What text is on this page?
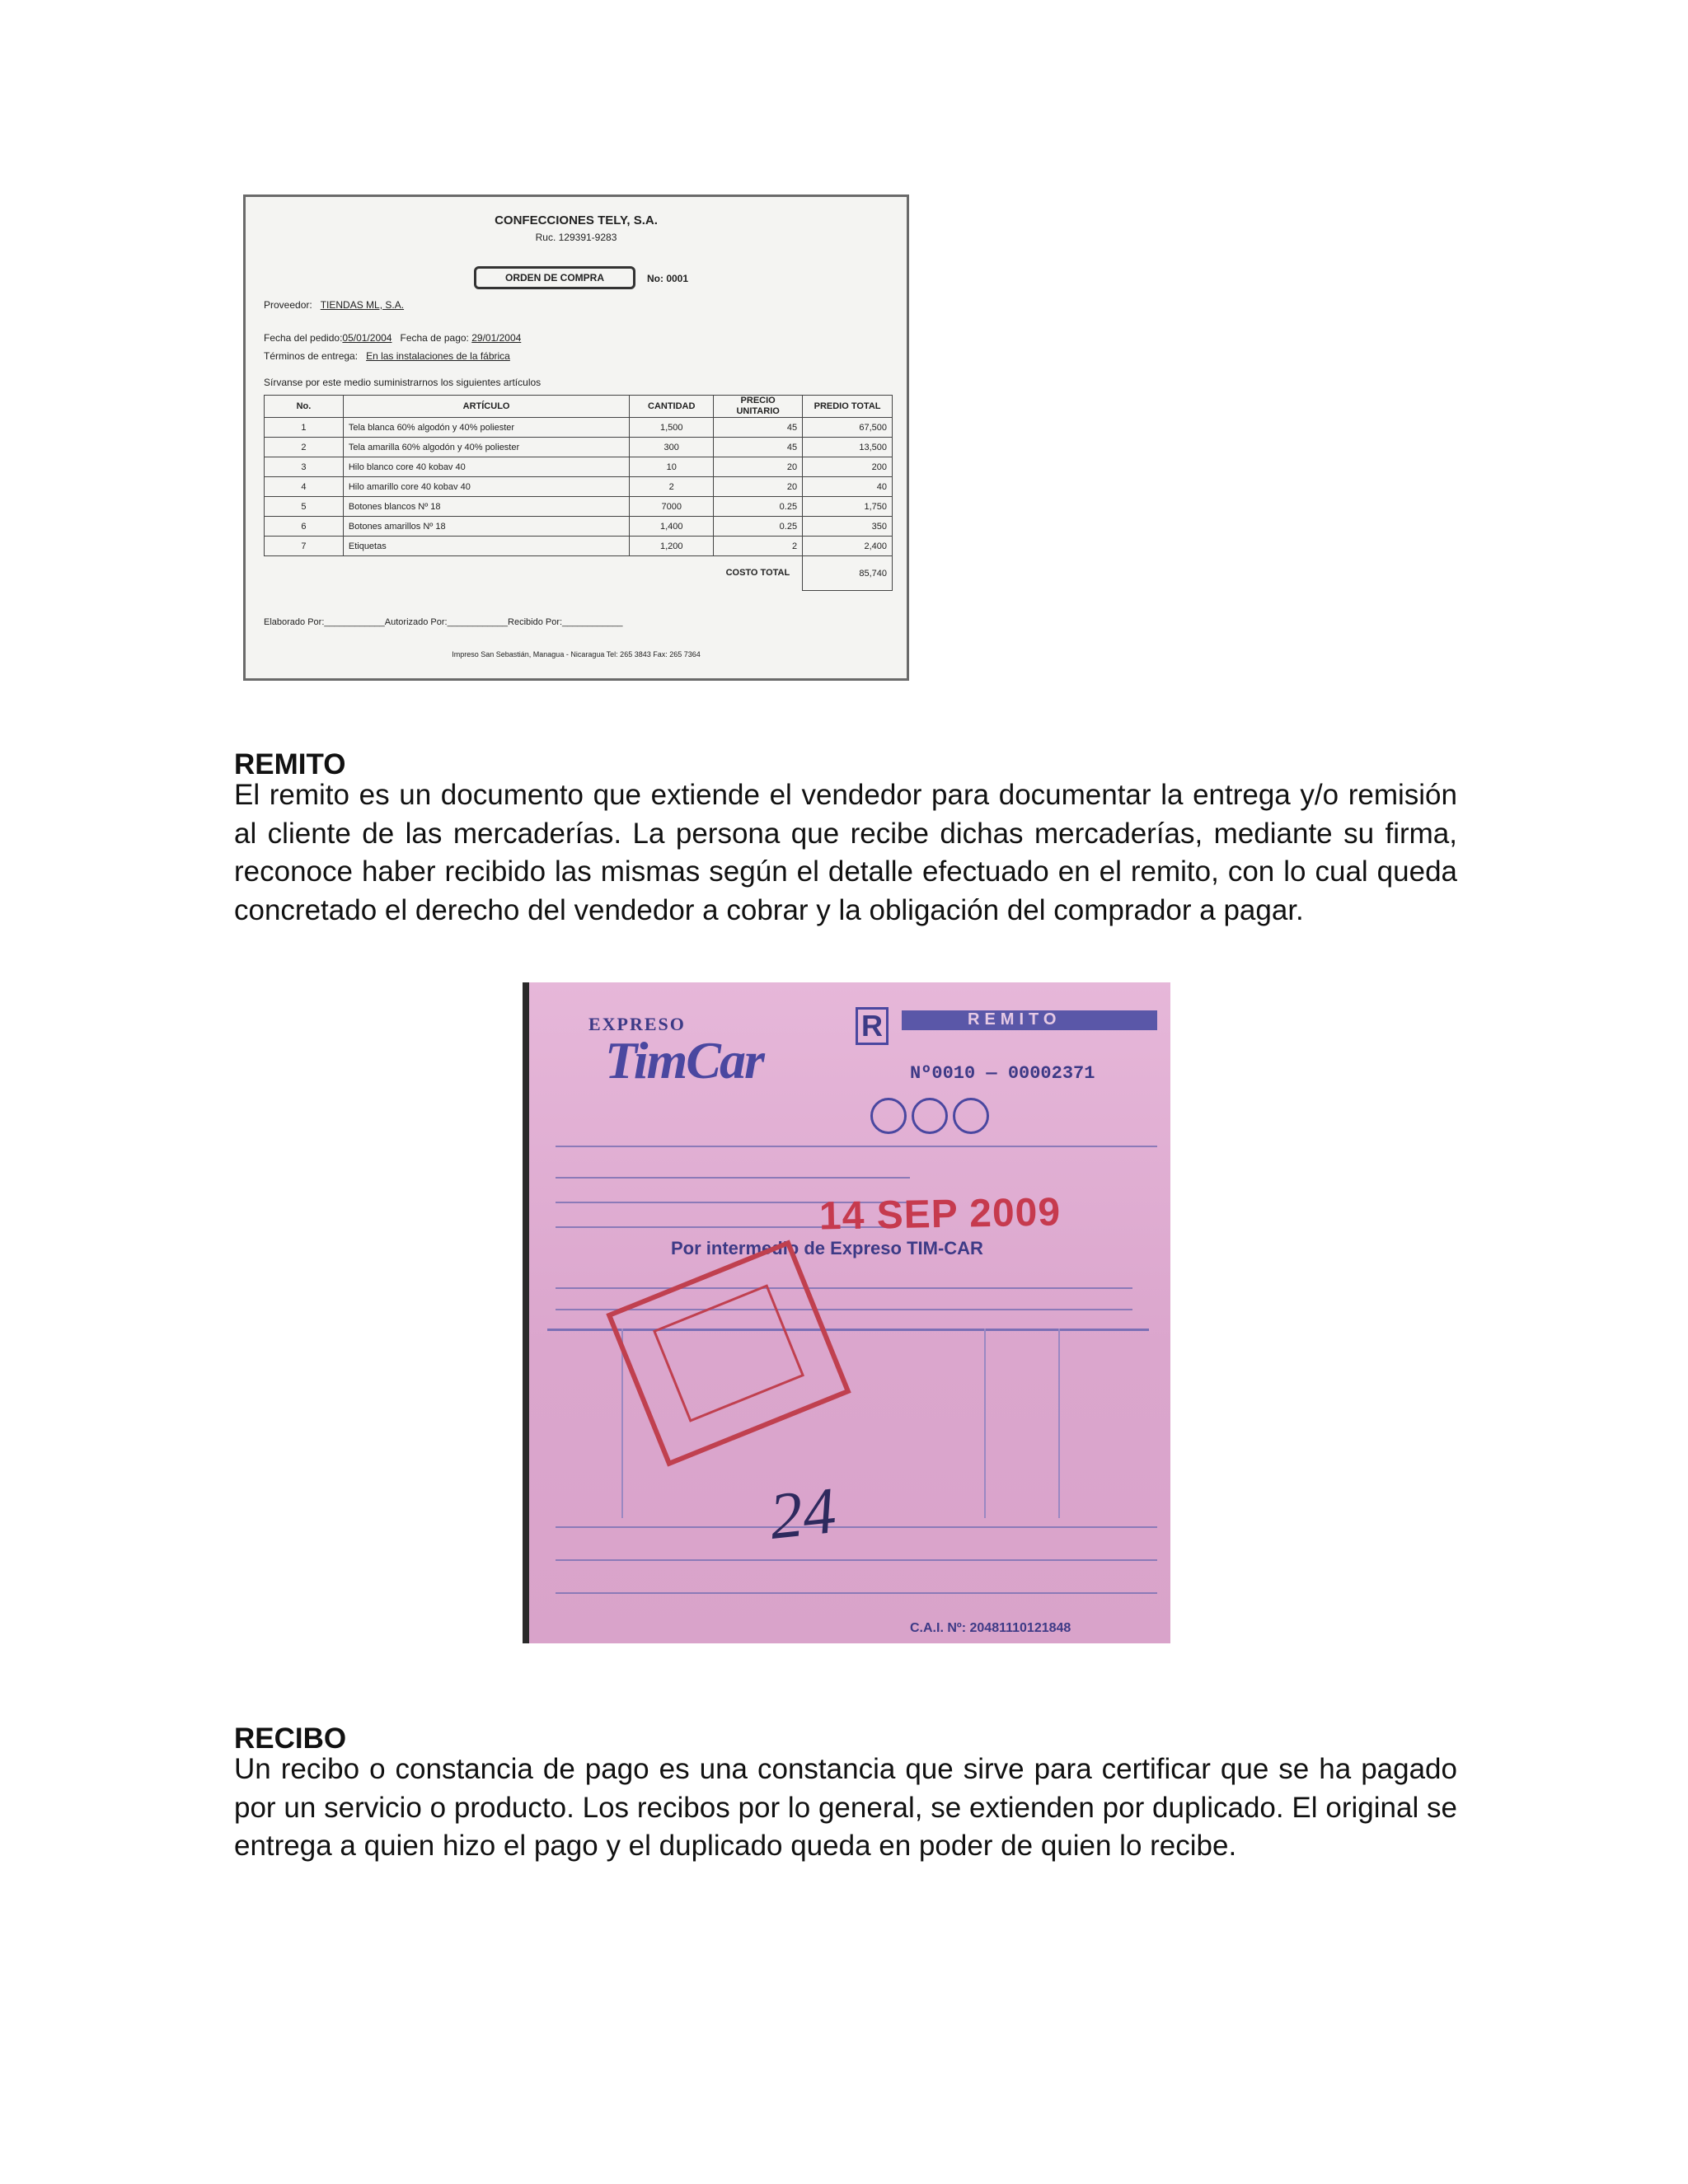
CONFECCIONES TELY, S.A.
Ruc. 129391-9283
ORDEN DE COMPRA	No: 0001
Proveedor: TIENDAS ML, S.A.
Fecha del pedido:05/01/2004 Fecha de pago: 29/01/2004
Términos de entrega: En las instalaciones de la fábrica
Sírvanse por este medio suministrarnos los siguientes artículos
No.	ARTÍCULO	CANTIDAD	PRECIO UNITARIO	PREDIO TOTAL
1	Tela blanca 60% algodón y 40% poliester	1,500	45	67,500
2	Tela amarilla 60% algodón y 40% poliester	300	45	13,500
3	Hilo blanco core 40 kobav 40	10	20	200
4	Hilo amarillo core 40 kobav 40	2	20	40
5	Botones blancos Nº 18	7000	0.25	1,750
6	Botones amarillos Nº 18	1,400	0.25	350
7	Etiquetas	1,200	2	2,400
			COSTO TOTAL	85,740
Elaborado Por:____________Autorizado Por:____________Recibido Por:____________
Impreso San Sebastián, Managua - Nicaragua Tel: 265 3843 Fax: 265 7364
REMITO
El remito es un documento que extiende el vendedor para documentar la entrega y/o remisión al cliente de las mercaderías. La persona que recibe dichas mercaderías, mediante su firma, reconoce haber recibido las mismas según el detalle efectuado en el remito, con lo cual queda concretado el derecho del vendedor a cobrar y la obligación del comprador a pagar.
EXPRESO
TimCar
R	REMITO
Nº0010 — 00002371
14 SEP 2009
Por intermedio de Expreso TIM-CAR
24
C.A.I. Nº: 20481110121848
RECIBO
Un recibo o constancia de pago es una constancia que sirve para certificar que se ha pagado por un servicio o producto. Los recibos por lo general, se extienden por duplicado. El original se entrega a quien hizo el pago y el duplicado queda en poder de quien lo recibe.
